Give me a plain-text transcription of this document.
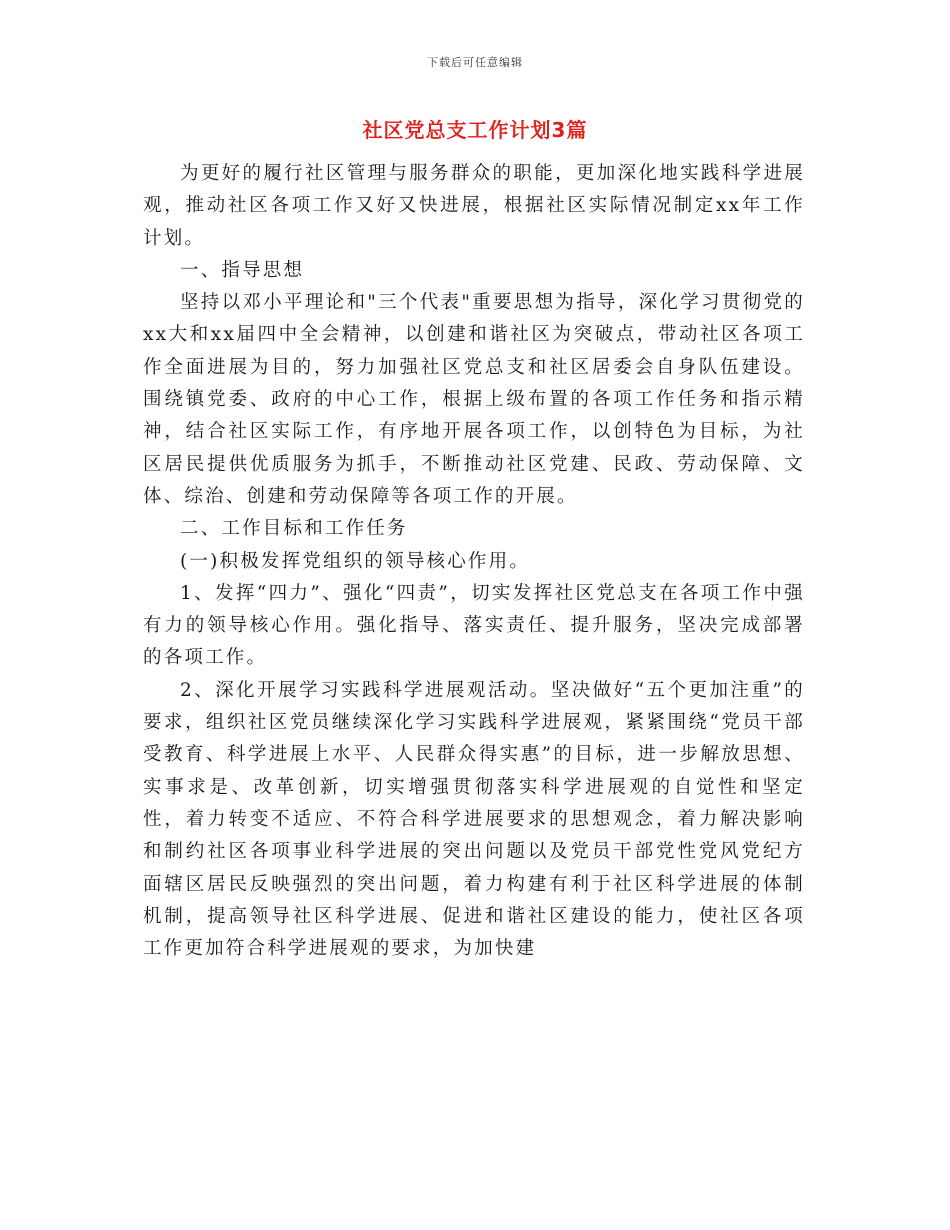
下载后可任意编辑
社区党总支工作计划3篇

为更好的履行社区管理与服务群众的职能，更加深化地实践科学进展观，推动社区各项工作又好又快进展，根据社区实际情况制定xx年工作计划。

一、指导思想

坚持以邓小平理论和"三个代表"重要思想为指导，深化学习贯彻党的xx大和xx届四中全会精神，以创建和谐社区为突破点，带动社区各项工作全面进展为目的，努力加强社区党总支和社区居委会自身队伍建设。围绕镇党委、政府的中心工作，根据上级布置的各项工作任务和指示精神，结合社区实际工作，有序地开展各项工作，以创特色为目标，为社区居民提供优质服务为抓手，不断推动社区党建、民政、劳动保障、文体、综治、创建和劳动保障等各项工作的开展。

二、工作目标和工作任务

(一)积极发挥党组织的领导核心作用。

1、发挥“四力”、强化“四责”，切实发挥社区党总支在各项工作中强有力的领导核心作用。强化指导、落实责任、提升服务，坚决完成部署的各项工作。

2、深化开展学习实践科学进展观活动。坚决做好“五个更加注重”的要求，组织社区党员继续深化学习实践科学进展观，紧紧围绕“党员干部受教育、科学进展上水平、人民群众得实惠”的目标，进一步解放思想、实事求是、改革创新，切实增强贯彻落实科学进展观的自觉性和坚定性，着力转变不适应、不符合科学进展要求的思想观念，着力解决影响和制约社区各项事业科学进展的突出问题以及党员干部党性党风党纪方面辖区居民反映强烈的突出问题，着力构建有利于社区科学进展的体制机制，提高领导社区科学进展、促进和谐社区建设的能力，使社区各项工作更加符合科学进展观的要求，为加快建
